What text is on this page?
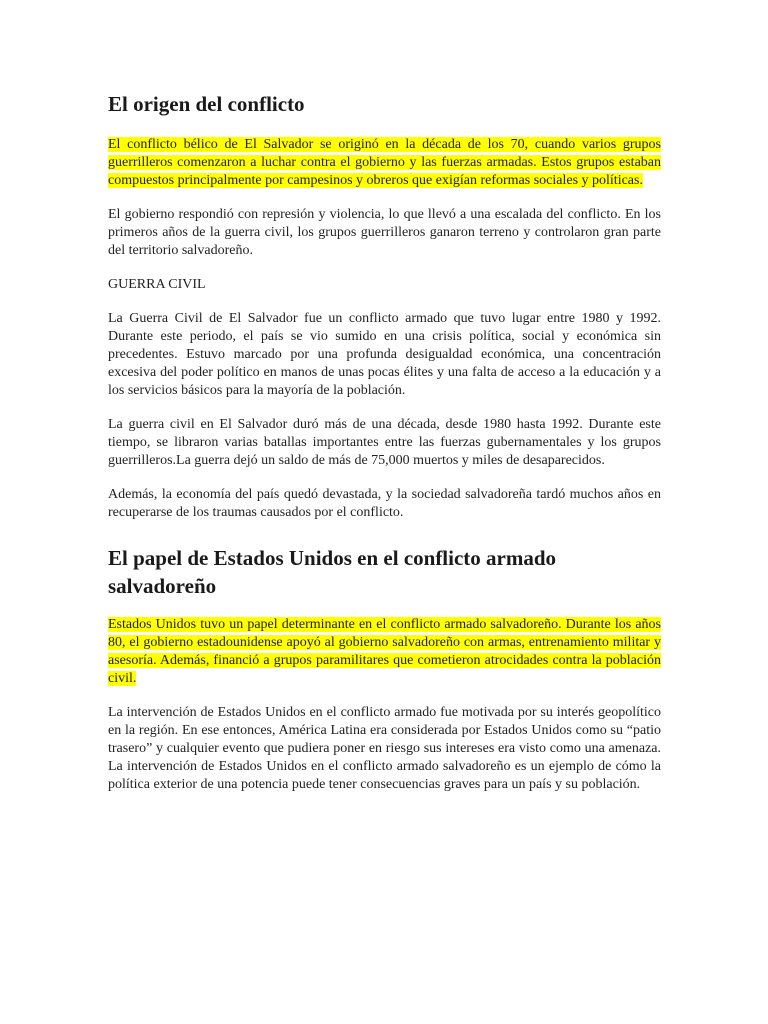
El origen del conflicto

El conflicto bélico de El Salvador se originó en la década de los 70, cuando varios grupos guerrilleros comenzaron a luchar contra el gobierno y las fuerzas armadas. Estos grupos estaban compuestos principalmente por campesinos y obreros que exigían reformas sociales y políticas.

El gobierno respondió con represión y violencia, lo que llevó a una escalada del conflicto. En los primeros años de la guerra civil, los grupos guerrilleros ganaron terreno y controlaron gran parte del territorio salvadoreño.

GUERRA CIVIL

La Guerra Civil de El Salvador fue un conflicto armado que tuvo lugar entre 1980 y 1992. Durante este periodo, el país se vio sumido en una crisis política, social y económica sin precedentes. Estuvo marcado por una profunda desigualdad económica, una concentración excesiva del poder político en manos de unas pocas élites y una falta de acceso a la educación y a los servicios básicos para la mayoría de la población.

La guerra civil en El Salvador duró más de una década, desde 1980 hasta 1992. Durante este tiempo, se libraron varias batallas importantes entre las fuerzas gubernamentales y los grupos guerrilleros.La guerra dejó un saldo de más de 75,000 muertos y miles de desaparecidos.

Además, la economía del país quedó devastada, y la sociedad salvadoreña tardó muchos años en recuperarse de los traumas causados por el conflicto.

El papel de Estados Unidos en el conflicto armado salvadoreño

Estados Unidos tuvo un papel determinante en el conflicto armado salvadoreño. Durante los años 80, el gobierno estadounidense apoyó al gobierno salvadoreño con armas, entrenamiento militar y asesoría. Además, financió a grupos paramilitares que cometieron atrocidades contra la población civil.

La intervención de Estados Unidos en el conflicto armado fue motivada por su interés geopolítico en la región. En ese entonces, América Latina era considerada por Estados Unidos como su “patio trasero” y cualquier evento que pudiera poner en riesgo sus intereses era visto como una amenaza. La intervención de Estados Unidos en el conflicto armado salvadoreño es un ejemplo de cómo la política exterior de una potencia puede tener consecuencias graves para un país y su población.
